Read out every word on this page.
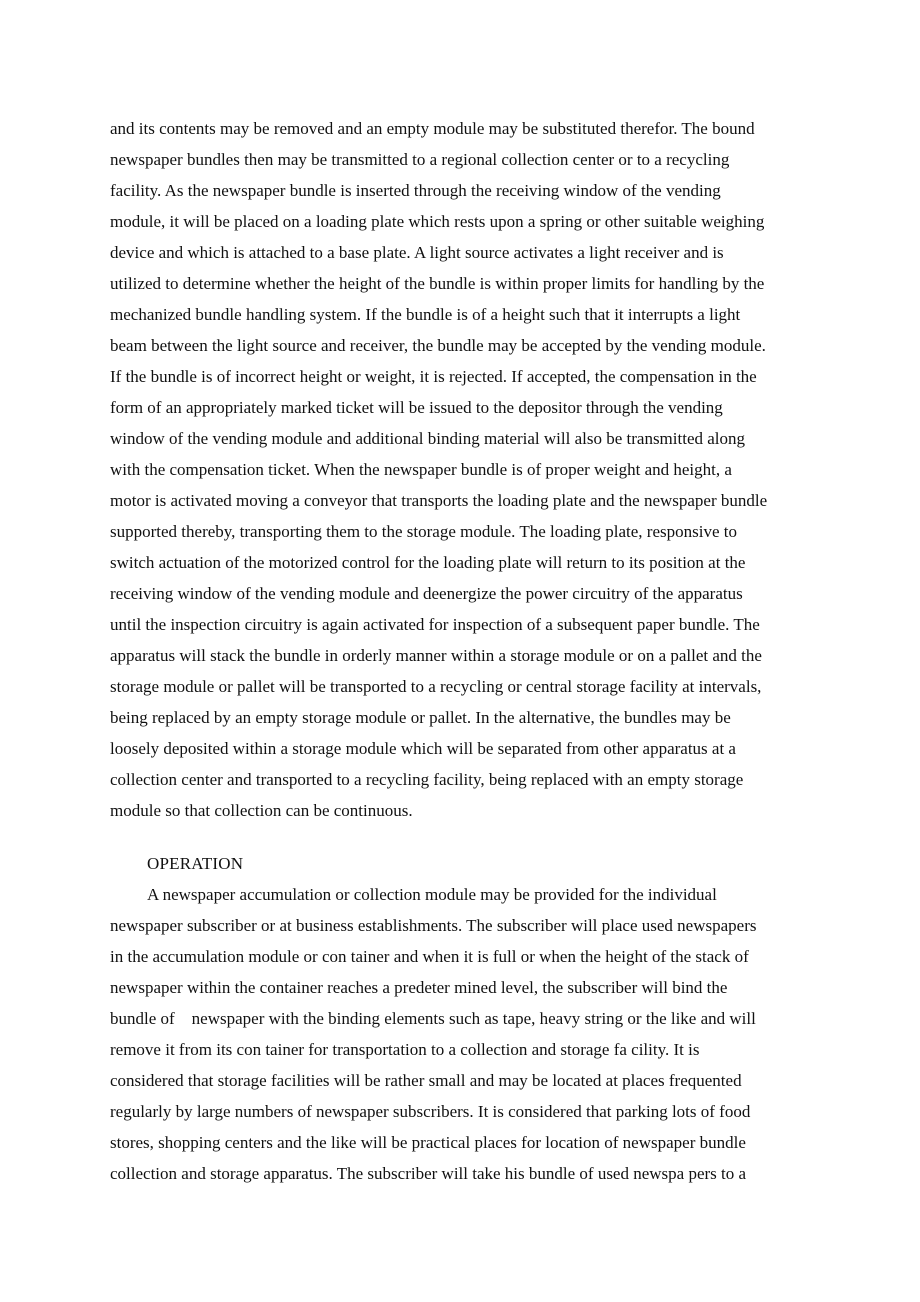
and its contents may be removed and an empty module may be substituted therefor. The bound
newspaper bundles then may be transmitted to a regional collection center or to a recycling
facility. As the newspaper bundle is inserted through the receiving window of the vending
module, it will be placed on a loading plate which rests upon a spring or other suitable weighing
device and which is attached to a base plate. A light source activates a light receiver and is
utilized to determine whether the height of the bundle is within proper limits for handling by the
mechanized bundle handling system. If the bundle is of a height such that it interrupts a light
beam between the light source and receiver, the bundle may be accepted by the vending module.
If the bundle is of incorrect height or weight, it is rejected. If accepted, the compensation in the
form of an appropriately marked ticket will be issued to the depositor through the vending
window of the vending module and additional binding material will also be transmitted along
with the compensation ticket. When the newspaper bundle is of proper weight and height, a
motor is activated moving a conveyor that transports the loading plate and the newspaper bundle
supported thereby, transporting them to the storage module. The loading plate, responsive to
switch actuation of the motorized control for the loading plate will return to its position at the
receiving window of the vending module and deenergize the power circuitry of the apparatus
until the inspection circuitry is again activated for inspection of a subsequent paper bundle. The
apparatus will stack the bundle in orderly manner within a storage module or on a pallet and the
storage module or pallet will be transported to a recycling or central storage facility at intervals,
being replaced by an empty storage module or pallet. In the alternative, the bundles may be
loosely deposited within a storage module which will be separated from other apparatus at a
collection center and transported to a recycling facility, being replaced with an empty storage
module so that collection can be continuous.
OPERATION
A newspaper accumulation or collection module may be provided for the individual
newspaper subscriber or at business establishments. The subscriber will place used newspapers
in the accumulation module or con tainer and when it is full or when the height of the stack of
newspaper within the container reaches a predeter mined level, the subscriber will bind the
bundle of    newspaper with the binding elements such as tape, heavy string or the like and will
remove it from its con tainer for transportation to a collection and storage fa cility. It is
considered that storage facilities will be rather small and may be located at places frequented
regularly by large numbers of newspaper subscribers. It is considered that parking lots of food
stores, shopping centers and the like will be practical places for location of newspaper bundle
collection and storage apparatus. The subscriber will take his bundle of used newspa pers to a
